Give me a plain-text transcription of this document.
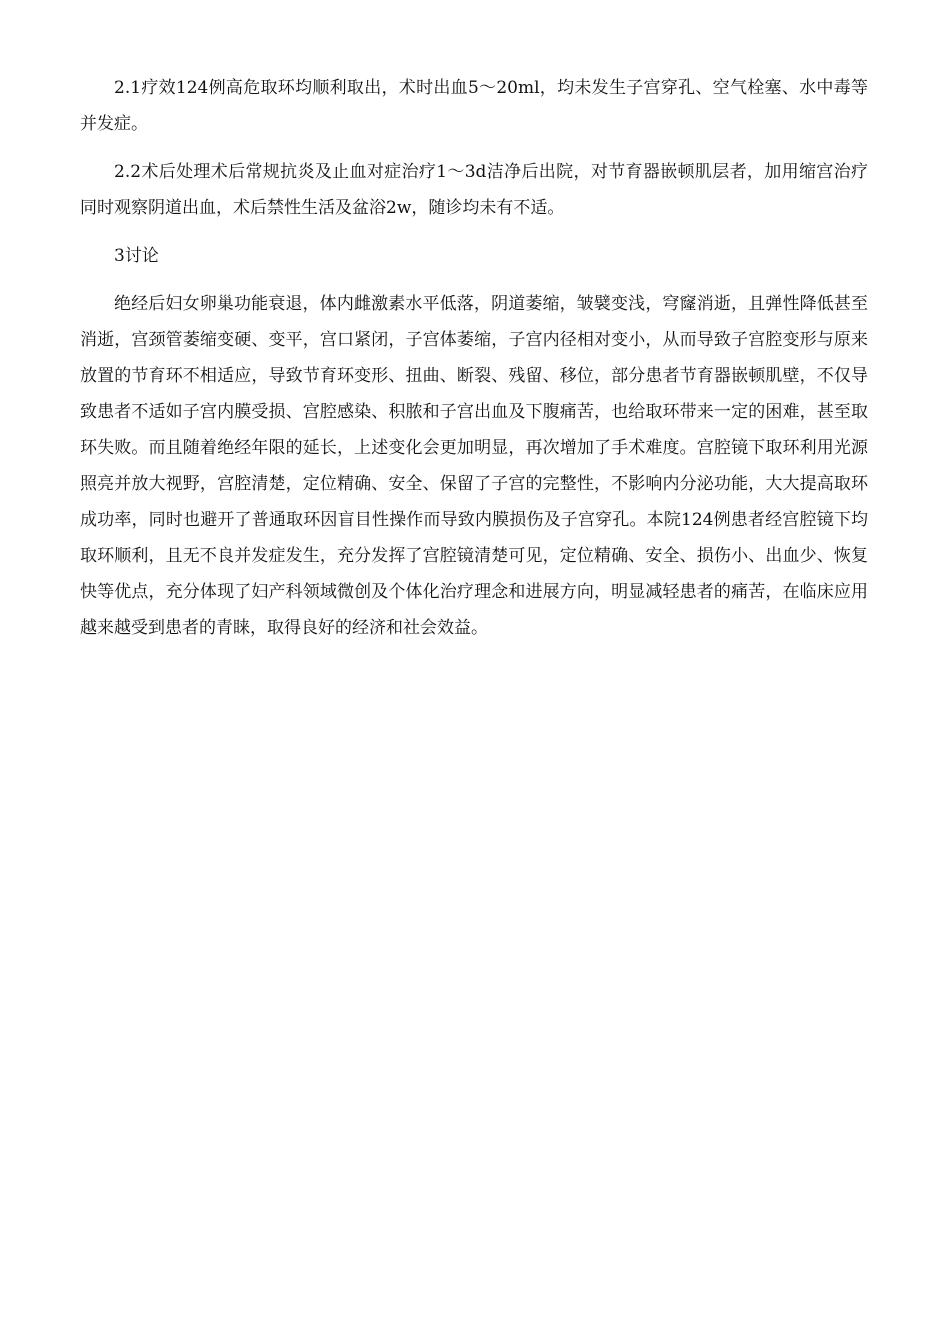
2.1疗效124例高危取环均顺利取出，术时出血5～20ml，均未发生子宫穿孔、空气栓塞、水中毒等并发症。

2.2术后处理术后常规抗炎及止血对症治疗1～3d洁净后出院，对节育器嵌顿肌层者，加用缩宫治疗同时观察阴道出血，术后禁性生活及盆浴2w，随诊均未有不适。

3讨论

绝经后妇女卵巢功能衰退，体内雌激素水平低落，阴道萎缩，皱襞变浅，穹窿消逝，且弹性降低甚至消逝，宫颈管萎缩变硬、变平，宫口紧闭，子宫体萎缩，子宫内径相对变小，从而导致子宫腔变形与原来放置的节育环不相适应，导致节育环变形、扭曲、断裂、残留、移位，部分患者节育器嵌顿肌壁，不仅导致患者不适如子宫内膜受损、宫腔感染、积脓和子宫出血及下腹痛苦，也给取环带来一定的困难，甚至取环失败。而且随着绝经年限的延长，上述变化会更加明显，再次增加了手术难度。宫腔镜下取环利用光源照亮并放大视野，宫腔清楚，定位精确、安全、保留了子宫的完整性，不影响内分泌功能，大大提高取环成功率，同时也避开了普通取环因盲目性操作而导致内膜损伤及子宫穿孔。本院124例患者经宫腔镜下均取环顺利，且无不良并发症发生，充分发挥了宫腔镜清楚可见，定位精确、安全、损伤小、出血少、恢复快等优点，充分体现了妇产科领域微创及个体化治疗理念和进展方向，明显减轻患者的痛苦，在临床应用越来越受到患者的青睐，取得良好的经济和社会效益。
